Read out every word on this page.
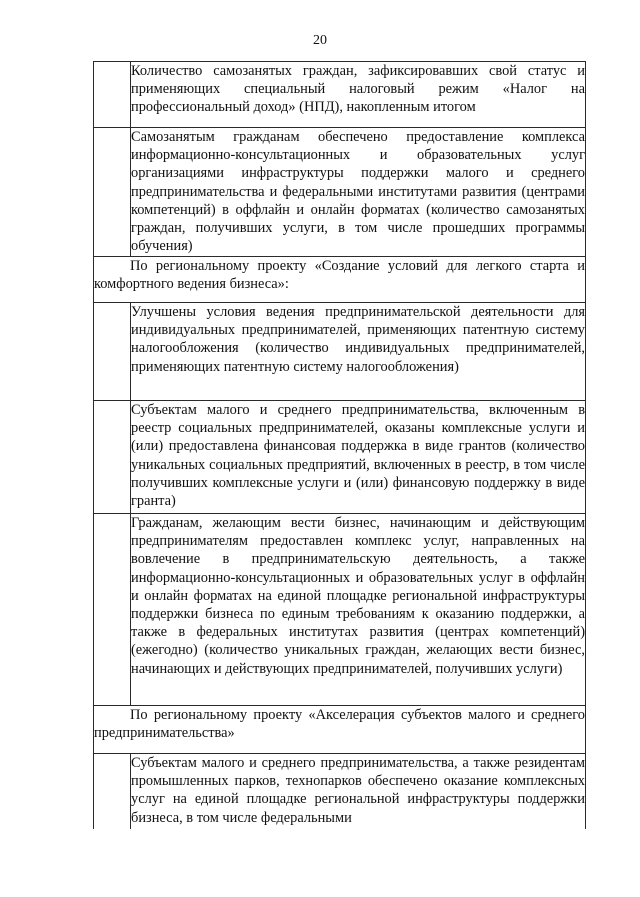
20
	Количество самозанятых граждан, зафиксировавших свой статус и применяющих специальный налоговый режим «Налог на профессиональный доход» (НПД), накопленным итогом
	Самозанятым гражданам обеспечено предоставление комплекса информационно-консультационных и образовательных услуг организациями инфраструктуры поддержки малого и среднего предпринимательства и федеральными институтами развития (центрами компетенций) в оффлайн и онлайн форматах (количество самозанятых граждан, получивших услуги, в том числе прошедших программы обучения)
По региональному проекту «Создание условий для легкого старта и комфортного ведения бизнеса»:	
	Улучшены условия ведения предпринимательской деятельности для индивидуальных предпринимателей, применяющих патентную систему налогообложения (количество индивидуальных предпринимателей, применяющих патентную систему налогообложения)
	Субъектам малого и среднего предпринимательства, включенным в реестр социальных предпринимателей, оказаны комплексные услуги и (или) предоставлена финансовая поддержка в виде грантов (количество уникальных социальных предприятий, включенных в реестр, в том числе получивших комплексные услуги и (или) финансовую поддержку в виде гранта)
	Гражданам, желающим вести бизнес, начинающим и действующим предпринимателям предоставлен комплекс услуг, направленных на вовлечение в предпринимательскую деятельность, а также информационно-консультационных и образовательных услуг в оффлайн и онлайн форматах на единой площадке региональной инфраструктуры поддержки бизнеса по единым требованиям к оказанию поддержки, а также в федеральных институтах развития (центрах компетенций) (ежегодно) (количество уникальных граждан, желающих вести бизнес, начинающих и действующих предпринимателей, получивших услуги)
По региональному проекту «Акселерация субъектов малого и среднего предпринимательства»	
	Субъектам малого и среднего предпринимательства, а также резидентам промышленных парков, технопарков обеспечено оказание комплексных услуг на единой площадке региональной инфраструктуры поддержки бизнеса, в том числе федеральными
